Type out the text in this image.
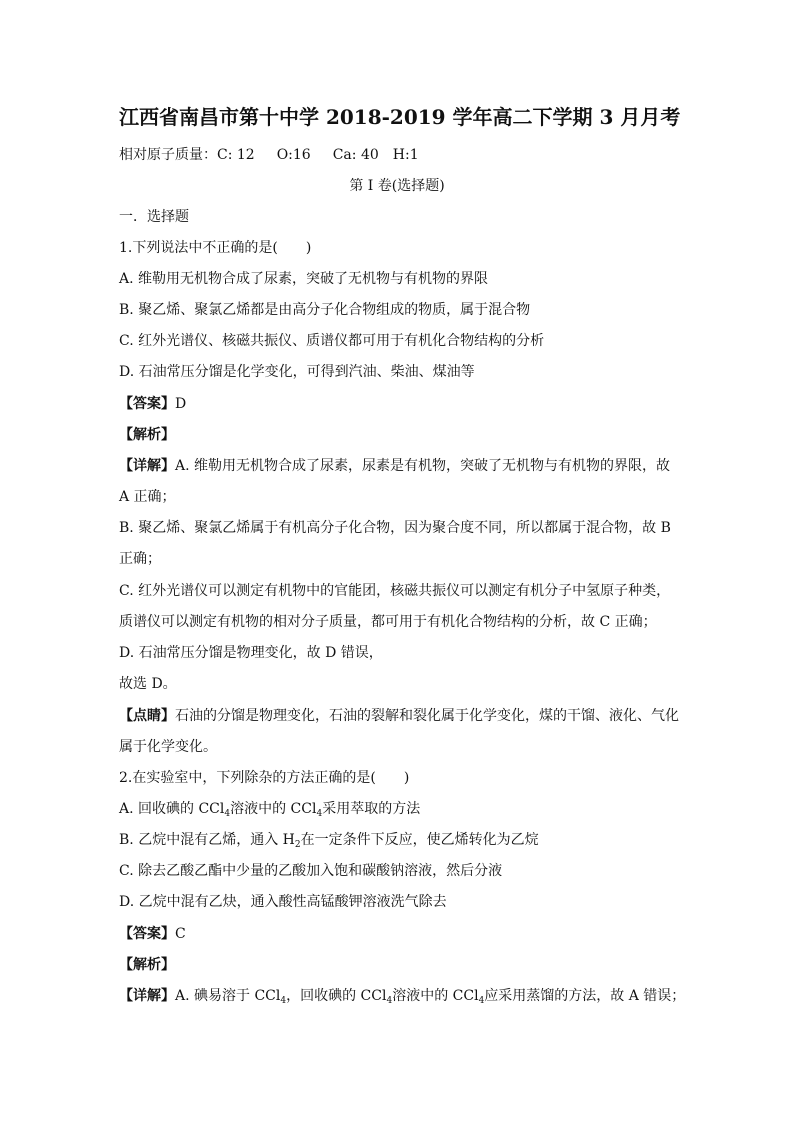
江西省南昌市第十中学 2018-2019 学年高二下学期 3 月月考

相对原子质量：C: 12 O:16 Ca: 40 H:1

第 I 卷(选择题)

一．选择题

1.下列说法中不正确的是(　　)

A. 维勒用无机物合成了尿素，突破了无机物与有机物的界限

B. 聚乙烯、聚氯乙烯都是由高分子化合物组成的物质，属于混合物

C. 红外光谱仪、核磁共振仪、质谱仪都可用于有机化合物结构的分析

D. 石油常压分馏是化学变化，可得到汽油、柴油、煤油等

【答案】D

【解析】

【详解】A. 维勒用无机物合成了尿素，尿素是有机物，突破了无机物与有机物的界限，故

A 正确；

B. 聚乙烯、聚氯乙烯属于有机高分子化合物，因为聚合度不同，所以都属于混合物，故 B

正确；

C. 红外光谱仪可以测定有机物中的官能团，核磁共振仪可以测定有机分子中氢原子种类，

质谱仪可以测定有机物的相对分子质量，都可用于有机化合物结构的分析，故 C 正确；

D. 石油常压分馏是物理变化，故 D 错误，

故选 D。

【点睛】石油的分馏是物理变化，石油的裂解和裂化属于化学变化，煤的干馏、液化、气化

属于化学变化。

2.在实验室中，下列除杂的方法正确的是(　　)

A. 回收碘的 CCl$_4$溶液中的 CCl$_4$采用萃取的方法

B. 乙烷中混有乙烯，通入 $H_2$在一定条件下反应，使乙烯转化为乙烷

C. 除去乙酸乙酯中少量的乙酸加入饱和碳酸钠溶液，然后分液

D. 乙烷中混有乙炔，通入酸性高锰酸钾溶液洗气除去

【答案】C

【解析】

【详解】A. 碘易溶于 CCl$_4$，回收碘的 CCl$_4$溶液中的 CCl$_4$应采用蒸馏的方法，故 A 错误；
